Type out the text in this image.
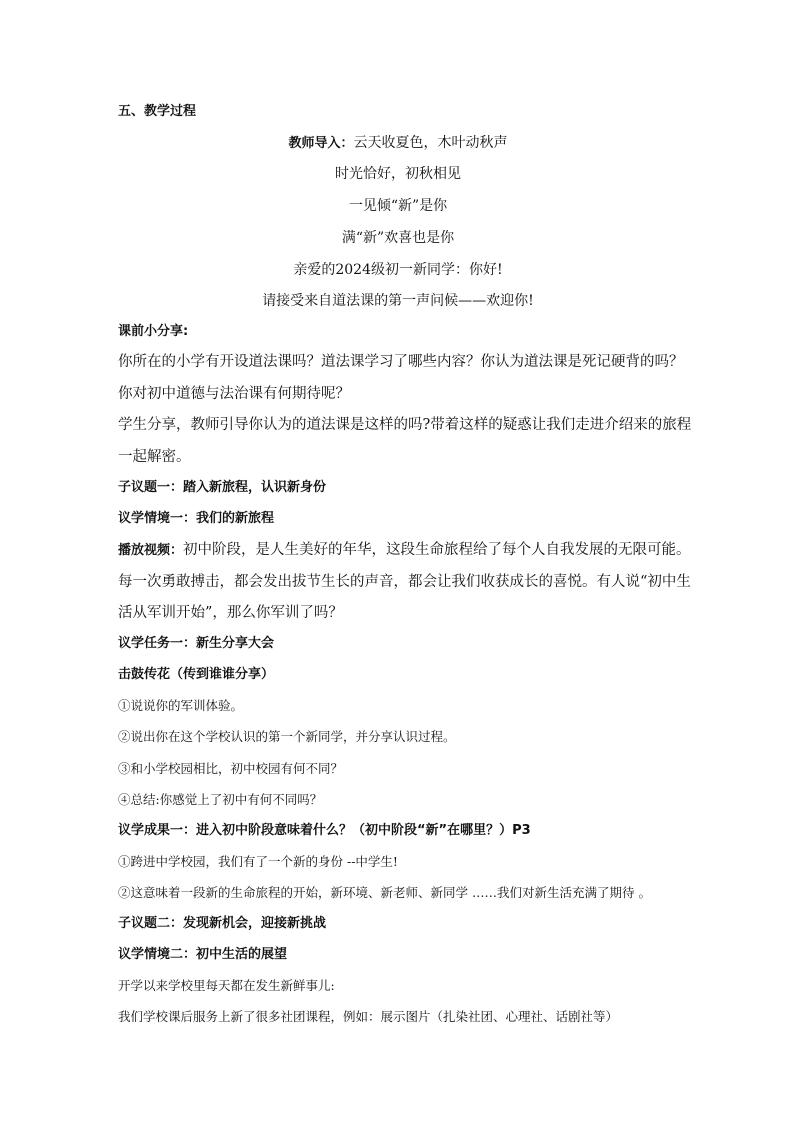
五、教学过程
教师导入：云天收夏色，木叶动秋声
时光恰好，初秋相见
一见倾“新”是你
满“新”欢喜也是你
亲爱的2024级初一新同学：你好!
请接受来自道法课的第一声问候——欢迎你!
课前小分享:
你所在的小学有开设道法课吗？道法课学习了哪些内容？你认为道法课是死记硬背的吗？
你对初中道德与法治课有何期待呢？
学生分享，教师引导你认为的道法课是这样的吗?带着这样的疑惑让我们走进介绍来的旅程
一起解密。
子议题一：踏入新旅程，认识新身份
议学情境一：我们的新旅程
播放视频：初中阶段，是人生美好的年华，这段生命旅程给了每个人自我发展的无限可能。
每一次勇敢搏击，都会发出拔节生长的声音，都会让我们收获成长的喜悦。有人说“初中生
活从军训开始”，那么你军训了吗？
议学任务一：新生分享大会
击鼓传花（传到谁谁分享）
①说说你的军训体验。
②说出你在这个学校认识的第一个新同学，并分享认识过程。
③和小学校园相比，初中校园有何不同？
④总结:你感觉上了初中有何不同吗？
议学成果一：进入初中阶段意味着什么？（初中阶段“新”在哪里？）P3
①跨进中学校园，我们有了一个新的身份 --中学生!
②这意味着一段新的生命旅程的开始，新环境、新老师、新同学 ……我们对新生活充满了期待 。
子议题二：发现新机会，迎接新挑战
议学情境二：初中生活的展望
开学以来学校里每天都在发生新鲜事儿:
我们学校课后服务上新了很多社团课程，例如：展示图片（扎染社团、心理社、话剧社等）
